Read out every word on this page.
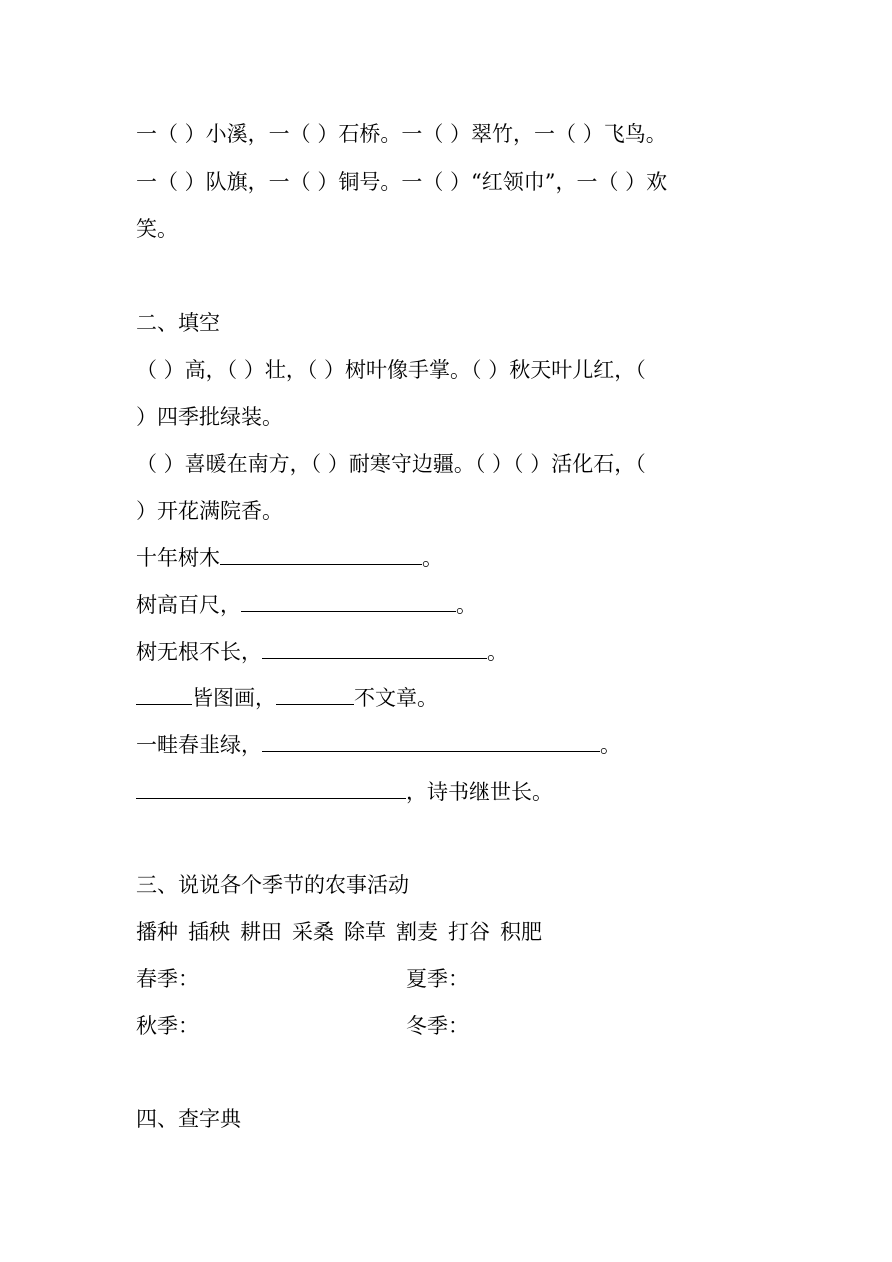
一（ ）小溪，一（ ）石桥。一（ ）翠竹，一（ ）飞鸟。
一（ ）队旗，一（ ）铜号。一（ ）“红领巾”，一（ ）欢
笑。
二、填空
（ ）高，（ ）壮，（ ）树叶像手掌。（ ）秋天叶儿红，（
）四季批绿装。
（ ）喜暖在南方，（ ）耐寒守边疆。（ ）（ ）活化石，（
）开花满院香。
十年树木	。
树高百尺，	。
树无根不长，	。
皆图画，	不文章。
一畦春韭绿，	。
，诗书继世长。
三、说说各个季节的农事活动
播种 插秧 耕田 采桑 除草 割麦 打谷 积肥
春季：	夏季：
秋季：	冬季：
四、查字典
